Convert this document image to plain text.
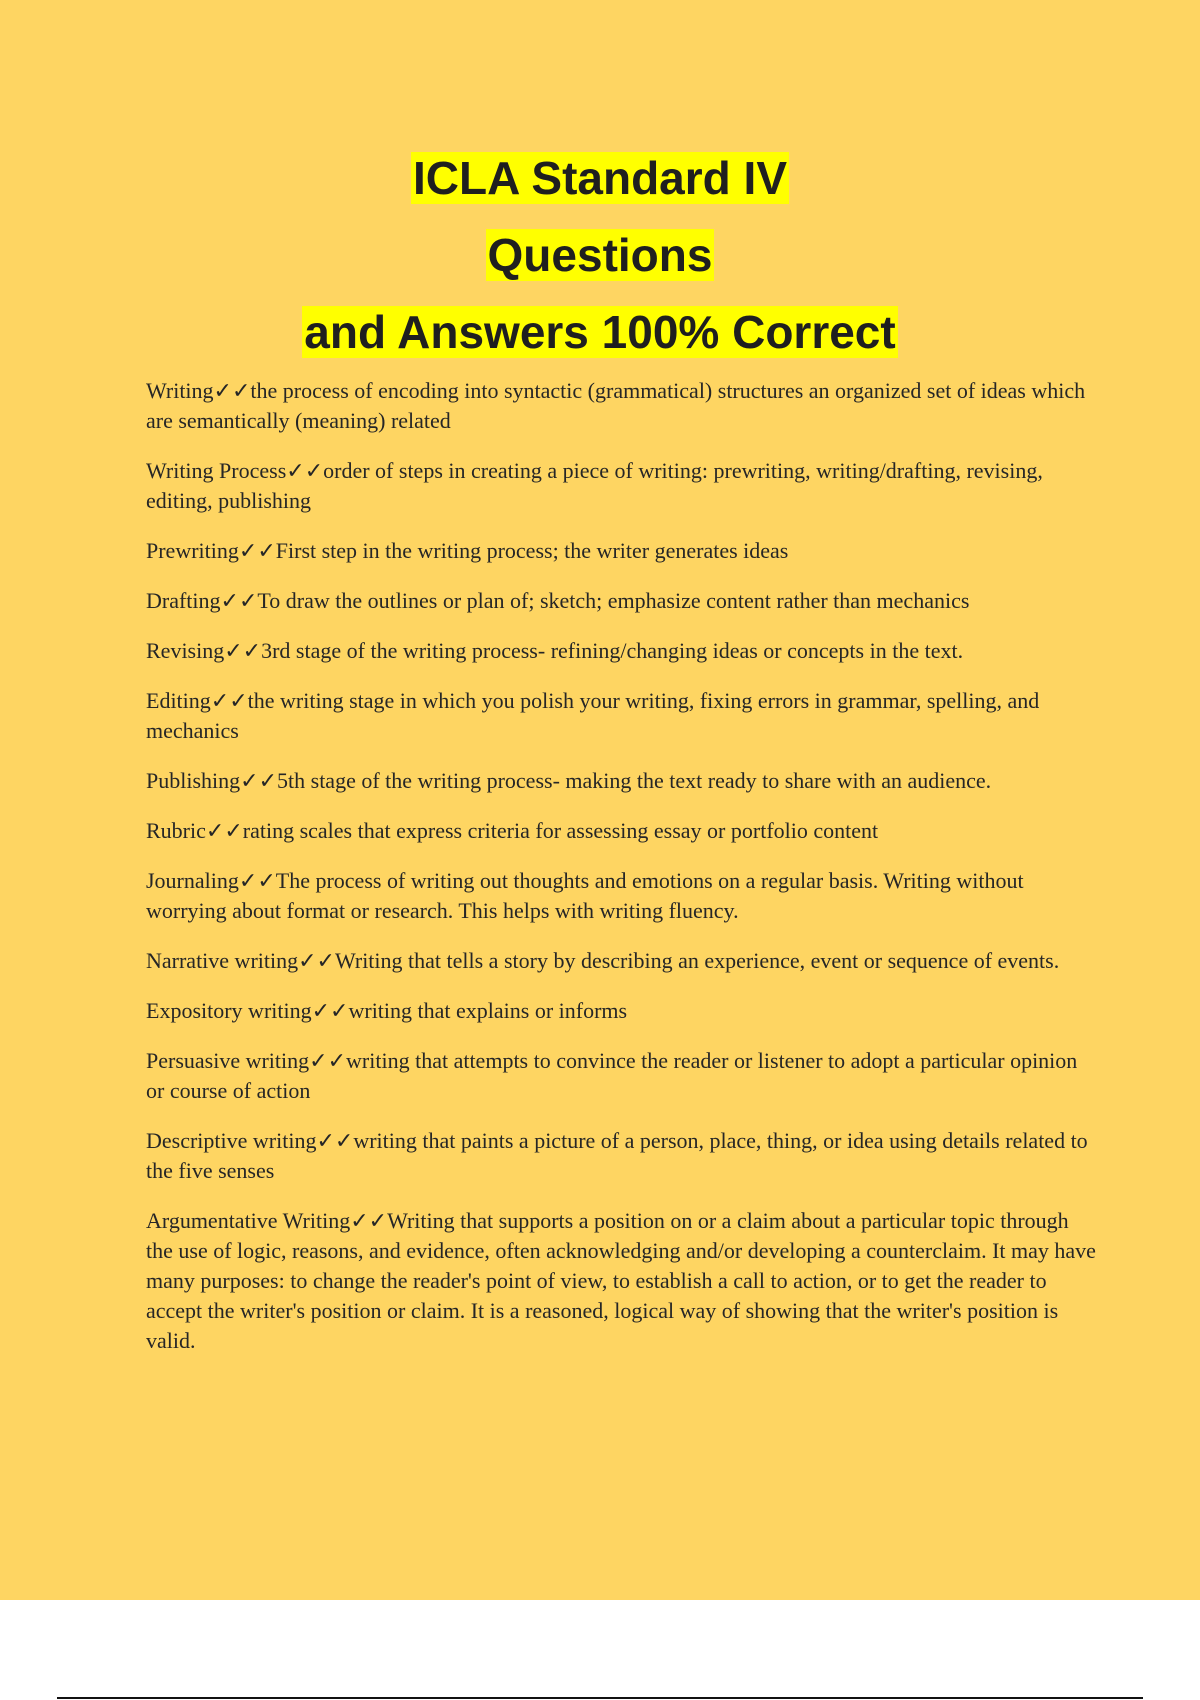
ICLA Standard IV
Questions
and Answers 100% Correct

Writing✓✓the process of encoding into syntactic (grammatical) structures an organized set of ideas which are semantically (meaning) related

Writing Process✓✓order of steps in creating a piece of writing: prewriting, writing/drafting, revising, editing, publishing

Prewriting✓✓First step in the writing process; the writer generates ideas

Drafting✓✓To draw the outlines or plan of; sketch; emphasize content rather than mechanics

Revising✓✓3rd stage of the writing process- refining/changing ideas or concepts in the text.

Editing✓✓the writing stage in which you polish your writing, fixing errors in grammar, spelling, and mechanics

Publishing✓✓5th stage of the writing process- making the text ready to share with an audience.

Rubric✓✓rating scales that express criteria for assessing essay or portfolio content

Journaling✓✓The process of writing out thoughts and emotions on a regular basis. Writing without worrying about format or research. This helps with writing fluency.

Narrative writing✓✓Writing that tells a story by describing an experience, event or sequence of events.

Expository writing✓✓writing that explains or informs

Persuasive writing✓✓writing that attempts to convince the reader or listener to adopt a particular opinion or course of action

Descriptive writing✓✓writing that paints a picture of a person, place, thing, or idea using details related to the five senses

Argumentative Writing✓✓Writing that supports a position on or a claim about a particular topic through the use of logic, reasons, and evidence, often acknowledging and/or developing a counterclaim. It may have many purposes: to change the reader's point of view, to establish a call to action, or to get the reader to accept the writer's position or claim. It is a reasoned, logical way of showing that the writer's position is valid.
